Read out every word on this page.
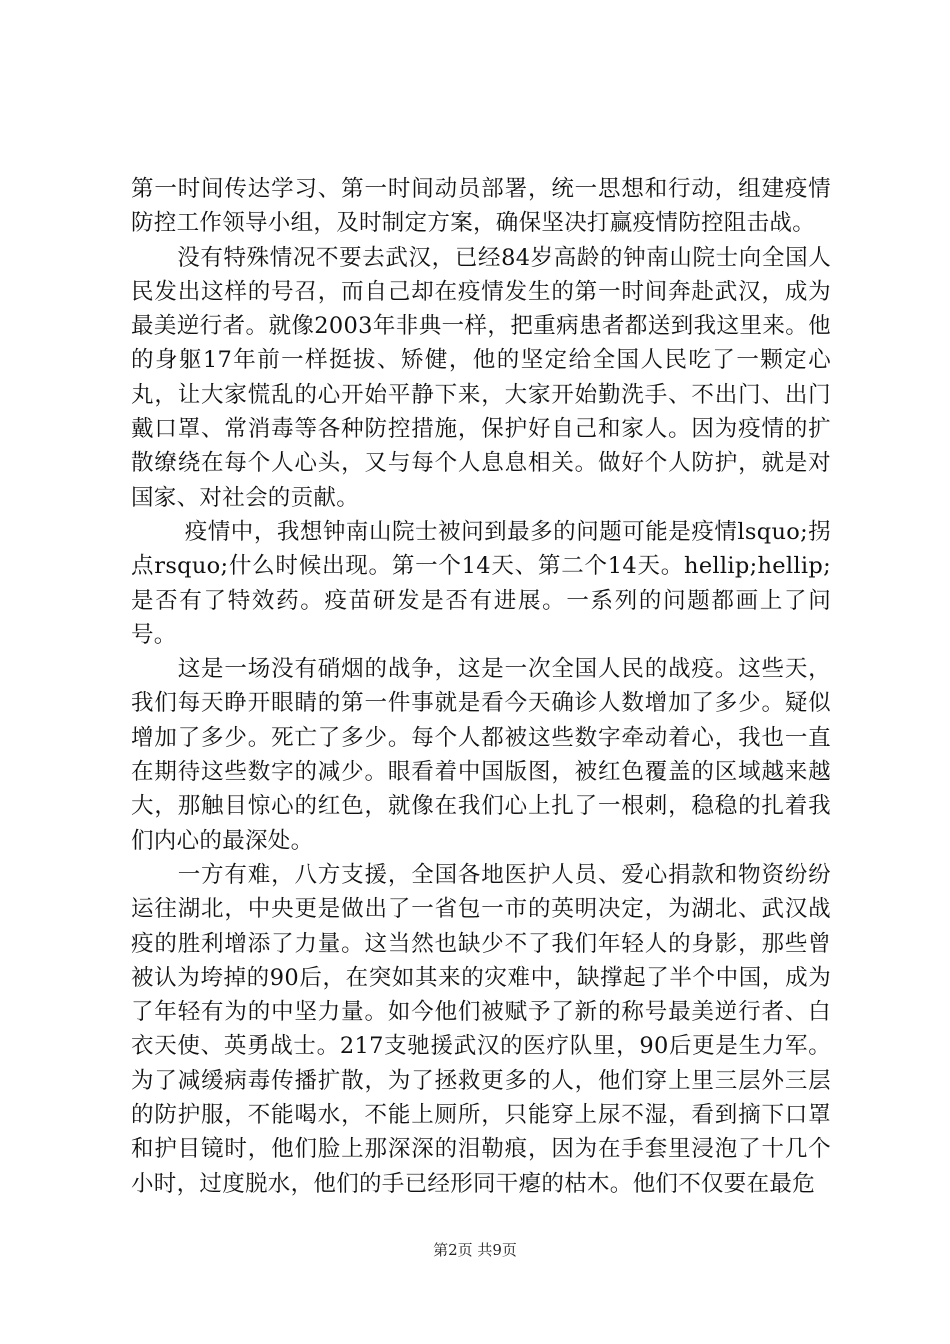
第一时间传达学习、第一时间动员部署，统一思想和行动，组建疫情防控工作领导小组，及时制定方案，确保坚决打赢疫情防控阻击战。

　　没有特殊情况不要去武汉，已经84岁高龄的钟南山院士向全国人民发出这样的号召，而自己却在疫情发生的第一时间奔赴武汉，成为最美逆行者。就像2003年非典一样，把重病患者都送到我这里来。他的身躯17年前一样挺拔、矫健，他的坚定给全国人民吃了一颗定心丸，让大家慌乱的心开始平静下来，大家开始勤洗手、不出门、出门戴口罩、常消毒等各种防控措施，保护好自己和家人。因为疫情的扩散缭绕在每个人心头，又与每个人息息相关。做好个人防护，就是对国家、对社会的贡献。

　　 疫情中，我想钟南山院士被问到最多的问题可能是疫情lsquo;拐点rsquo;什么时候出现。第一个14天、第二个14天。hellip;hellip;是否有了特效药。疫苗研发是否有进展。一系列的问题都画上了问号。

　　这是一场没有硝烟的战争，这是一次全国人民的战疫。这些天，我们每天睁开眼睛的第一件事就是看今天确诊人数增加了多少。疑似增加了多少。死亡了多少。每个人都被这些数字牵动着心，我也一直在期待这些数字的减少。眼看着中国版图，被红色覆盖的区域越来越大，那触目惊心的红色，就像在我们心上扎了一根刺，稳稳的扎着我们内心的最深处。

　　一方有难，八方支援，全国各地医护人员、爱心捐款和物资纷纷运往湖北，中央更是做出了一省包一市的英明决定，为湖北、武汉战疫的胜利增添了力量。这当然也缺少不了我们年轻人的身影，那些曾被认为垮掉的90后，在突如其来的灾难中，缺撑起了半个中国，成为了年轻有为的中坚力量。如今他们被赋予了新的称号最美逆行者、白衣天使、英勇战士。217支驰援武汉的医疗队里，90后更是生力军。为了减缓病毒传播扩散，为了拯救更多的人，他们穿上里三层外三层的防护服，不能喝水，不能上厕所，只能穿上尿不湿，看到摘下口罩和护目镜时，他们脸上那深深的泪勒痕，因为在手套里浸泡了十几个小时，过度脱水，他们的手已经形同干瘪的枯木。他们不仅要在最危

第2页 共9页
